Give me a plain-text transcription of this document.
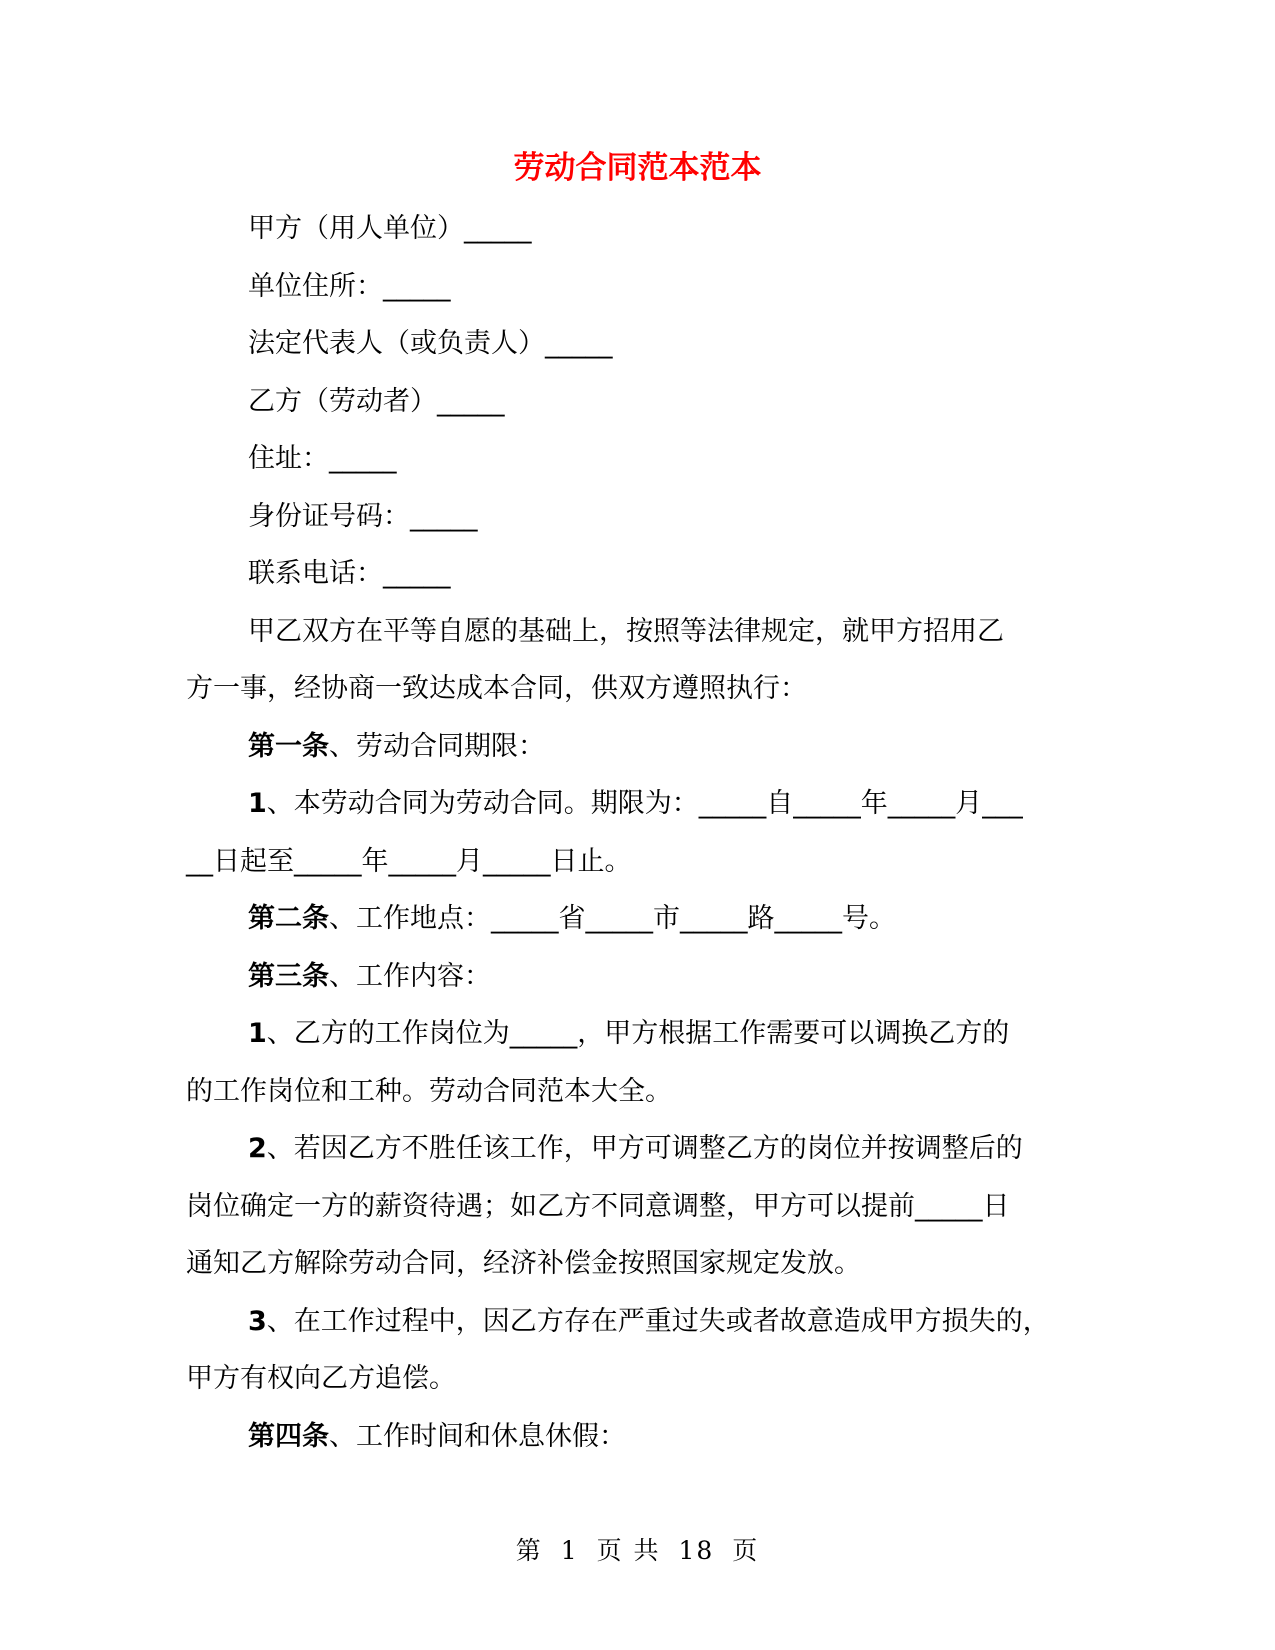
劳动合同范本范本
甲方（用人单位）_____
单位住所：_____
法定代表人（或负责人）_____
乙方（劳动者）_____
住址：_____
身份证号码：_____
联系电话：_____
甲乙双方在平等自愿的基础上，按照等法律规定，就甲方招用乙
方一事，经协商一致达成本合同，供双方遵照执行：
第一条、劳动合同期限：
1、本劳动合同为劳动合同。期限为：_____自_____年_____月___
__日起至_____年_____月_____日止。
第二条、工作地点：_____省_____市_____路_____号。
第三条、工作内容：
1、乙方的工作岗位为_____，甲方根据工作需要可以调换乙方的
的工作岗位和工种。劳动合同范本大全。
2、若因乙方不胜任该工作，甲方可调整乙方的岗位并按调整后的
岗位确定一方的薪资待遇；如乙方不同意调整，甲方可以提前_____日
通知乙方解除劳动合同，经济补偿金按照国家规定发放。
3、在工作过程中，因乙方存在严重过失或者故意造成甲方损失的，
甲方有权向乙方追偿。
第四条、工作时间和休息休假：
第 1 页 共 18 页
